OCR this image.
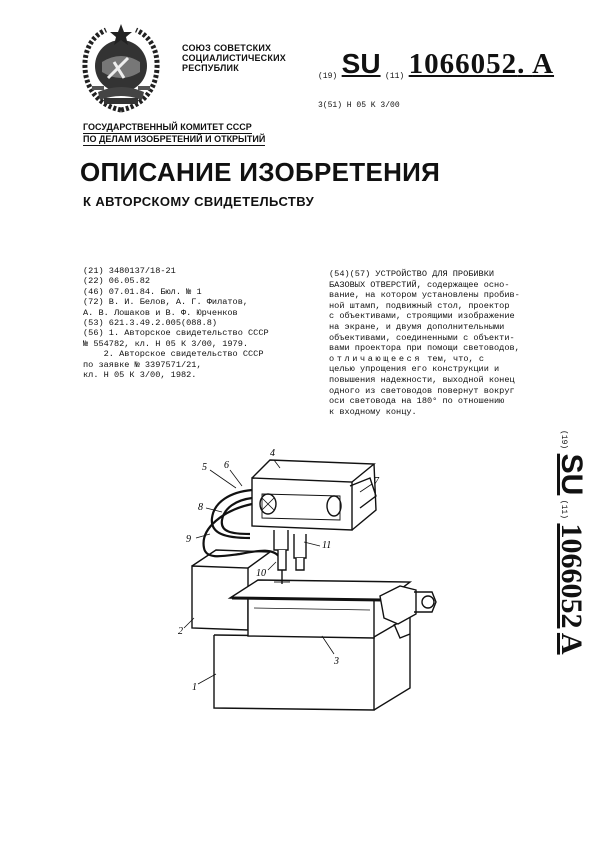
СОЮЗ СОВЕТСКИХ
СОЦИАЛИСТИЧЕСКИХ
РЕСПУБЛИК
(19) SU (11) 1066052. A
3(51) H 05 K 3/00
ГОСУДАРСТВЕННЫЙ КОМИТЕТ СССР
ПО ДЕЛАМ ИЗОБРЕТЕНИЙ И ОТКРЫТИЙ
ОПИСАНИЕ ИЗОБРЕТЕНИЯ
К АВТОРСКОМУ СВИДЕТЕЛЬСТВУ
(21) 3480137/18-21
(22) 06.05.82
(46) 07.01.84. Бюл. № 1
(72) В. И. Белов, А. Г. Филатов,
А. В. Лошаков и В. Ф. Юрченков
(53) 621.3.49.2.005(088.8)
(56) 1. Авторское свидетельство СССР
№ 554782, кл. Н 05 К 3/00, 1979.
2. Авторское свидетельство СССР
по заявке № 3397571/21,
кл. Н 05 К 3/00, 1982.
(54)(57) УСТРОЙСТВО ДЛЯ ПРОБИВКИ
БАЗОВЫХ ОТВЕРСТИЙ, содержащее осно-
вание, на котором установлены пробив-
ной штамп, подвижный стол, проектор
с объективами, строящими изображение
на экране, и двумя дополнительными
объективами, соединенными с объекти-
вами проектора при помощи световодов,
отличающееся тем, что, с
целью упрощения его конструкции и
повышения надежности, выходной конец
одного из световодов повернут вокруг
оси световода на 180° по отношению
к входному концу.
(19) SU (11) 1066052 A
4
5 6
7
8
9
10
11
2
3
1
